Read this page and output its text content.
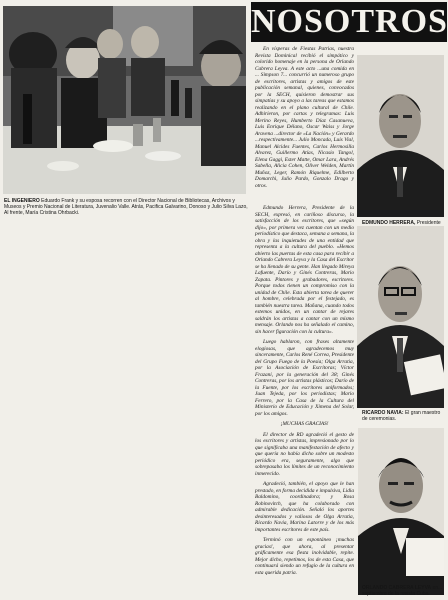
NOSOTROS

EL INGENIERO Eduardo Frank y su esposa recorren con el Director Nacional de Bibliotecas, Archivos y Museos y Premio Nacional de Literatura, Juvenalio Valle. Atrás, Pacifica Galvarino, Donoso y Julio Silva Lazo, Al frente, María Cristina Ohrbacki.

EDMUNDO HERRERA, Presidente

RICARDO NAVIA: El gran maestro de ceremonias.

ORLANDO CABRERA LEYVA en... septiembre de la revista Cuba.

En vísperas de Fiestas Patrias, nuestra Revista Dominical recibió el simpático y colorido homenaje en la persona de Orlando Cabrera Leyva. A este acto ...una comida en ... Simpson 7... concurrió un numeroso grupo de escritores, artistas y amigos de este publicación semanal, quienes, convocados por la SECH, quisieron demostrar sus simpatías y su apoyo a las tareas que estamos realizando en el plano cultural de Chile. Adhirieron, por cartas y telegramas: Luis Merino Reyes, Humberto Díaz Casanueva, Luis Enrique Délano, Oscar Waiss y Jorge Aravena ...director de «La Nación» y Gerardo ...respectivamente... Julio Moncada, Luis Vial, Manuel Alcides Fuentes, Carlos Hermosilla Alvarez, Guillermo Atías, Nicasio Tangol, Elena Gaggi, Ester Matte, Omar Lara, Andrés Sabella, Alicia Cohen, Oliver Welden, Martín Muñoz, Leger, Ramón Riquelme, Edilberto Domarchi, Julio Pardo, Gonzalo Drago y otros.

Edmundo Herrera, Presidente de la SECH, expresó, en cariñoso discurso, la satisfacción de los escritores, que «según dijo», por primera vez cuentan con un medio periodístico que destaca, semana a semana, la obra y las inquietudes de una entidad que representa a la cultura del pueblo. «Hemos abierto las puertas de esta casa para recibir a Orlando Cabrera Leyva y la Casa del Escritor se ha llenado de su gente. Han llegado Mireya Lafuente, Darío y Ginés Contreras, Mario Zapata. Pintores y grabadores, escritores. Porque todos tienen un compromiso con la unidad de Chile. Esta abierta tarea de querer al hombre, celebrada por el festejado, es también nuestra tarea. Mañana, cuando todos estemos unidos, en un cantar de rejares saldrán los artistas a cantar con un mismo mensaje. Orlando nos ha señalado el camino, sin hacer figuración con la cultura».

Luego hablaron, con frases altamente elogiosas, que agradecemos muy sinceramente, Carlos René Correa, Presidente del Grupo Fuego de la Poesía; Olga Arratia, por la Asociación de Escritoras; Víctor Frazani, por la generación del 38; Ginés Contreras, por los artistas plásticos; Darío de la Fuente, por los escritores uniformados; Juan Tejeda, por los periodistas; Mario Ferrero, por la Casa de la Cultura del Ministerio de Educación y Ximena del Solar, por los amigos.

¡MUCHAS GRACIAS!

El director de RD agradeció el gesto de los escritores y artistas, impresionado por lo que significaba una manifestación de afecto y que quería no había dicho sobre un modesto periódico era, seguramente, algo que sobrepasaba los límites de un reconocimiento inmerecido.

Agradeció, también, el apoyo que le han prestado, en forma decidida e impulsiva, Lidia Baldomino, coordinadora; y Rosa Robinovitch, que ha colaborado con admirable dedicación. Señaló los aportes desinteresados y valiosos de Olga Arratia, Ricardo Navia, Marina Latorre y de los más importantes escritores de este país.

Terminó con un espontáneo ¡muchas gracias!, que ahora, al presentar gráficamente esa fiesta inolvidable, repite. Mejor dicho, repetimos, los de esta Casa, que continuará siendo un refugio de la cultura en esta querida patria.
